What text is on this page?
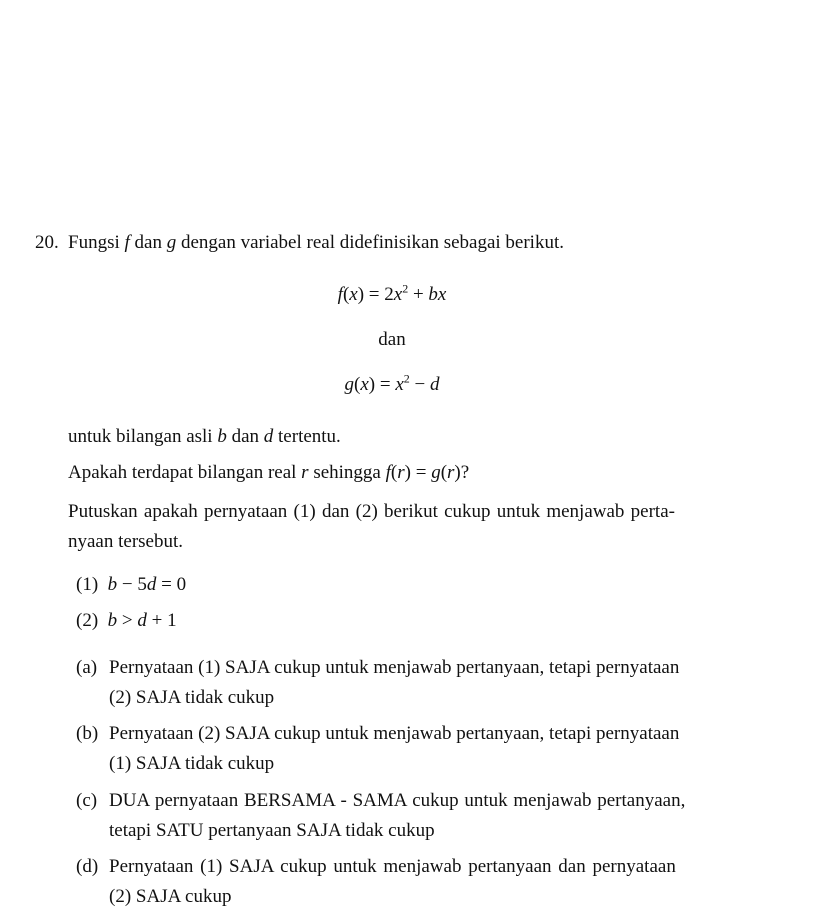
20. Fungsi f dan g dengan variabel real didefinisikan sebagai berikut.
$f(x) = 2x^2$ + bx
dan
$g(x) = x^2 - d$
untuk bilangan asli b dan d tertentu.
Apakah terdapat bilangan real r sehingga f(r) = g(r)?
Putuskan apakah pernyataan (1) dan (2) berikut cukup untuk menjawab perta-
nyaan tersebut.
(1) b − 5d = 0
(2) b > d + 1
(a) Pernyataan (1) SAJA cukup untuk menjawab pertanyaan, tetapi pernyataan
(2) SAJA tidak cukup
(b) Pernyataan (2) SAJA cukup untuk menjawab pertanyaan, tetapi pernyataan
(1) SAJA tidak cukup
(c) DUA pernyataan BERSAMA - SAMA cukup untuk menjawab pertanyaan,
tetapi SATU pertanyaan SAJA tidak cukup
(d) Pernyataan (1) SAJA cukup untuk menjawab pertanyaan dan pernyataan
(2) SAJA cukup
